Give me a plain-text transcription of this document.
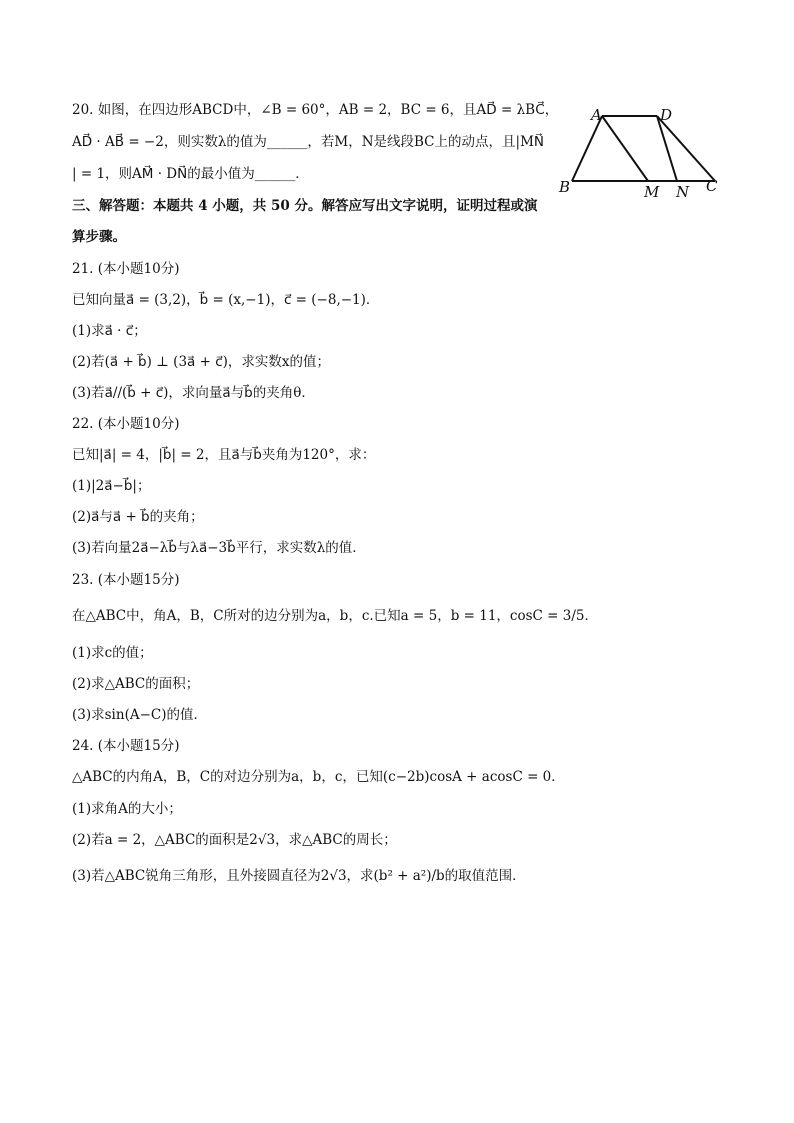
20. 如图，在四边形ABCD中，∠B = 60°，AB = 2，BC = 6，且AD⃗ = λBC⃗，
AD⃗ · AB⃗ = −2，则实数λ的值为______，若M，N是线段BC上的动点，且|MN⃗
| = 1，则AM⃗ · DN⃗的最小值为______．
A	D
B	M N C
三、解答题：本题共 4 小题，共 50 分。解答应写出文字说明，证明过程或演
算步骤。
21. (本小题10分)
已知向量a⃗ = (3,2)，b⃗ = (x,−1)，c⃗ = (−8,−1)．
(1)求a⃗ · c⃗；
(2)若(a⃗ + b⃗) ⊥ (3a⃗ + c⃗)，求实数x的值；
(3)若a⃗//(b⃗ + c⃗)，求向量a⃗与b⃗的夹角θ．
22. (本小题10分)
已知|a⃗| = 4，|b⃗| = 2，且a⃗与b⃗夹角为120°，求：
(1)|2a⃗−b⃗|；
(2)a⃗与a⃗ + b⃗的夹角；
(3)若向量2a⃗−λb⃗与λa⃗−3b⃗平行，求实数λ的值．
23. (本小题15分)
在△ABC中，角A，B，C所对的边分别为a，b，c.已知a = 5，b = 11，cosC = 3/5．
(1)求c的值；
(2)求△ABC的面积；
(3)求sin(A−C)的值．
24. (本小题15分)
△ABC的内角A，B，C的对边分别为a，b，c，已知(c−2b)cosA + acosC = 0．
(1)求角A的大小；
(2)若a = 2，△ABC的面积是2√3，求△ABC的周长；
(3)若△ABC锐角三角形，且外接圆直径为2√3，求(b² + a²)/b的取值范围．
